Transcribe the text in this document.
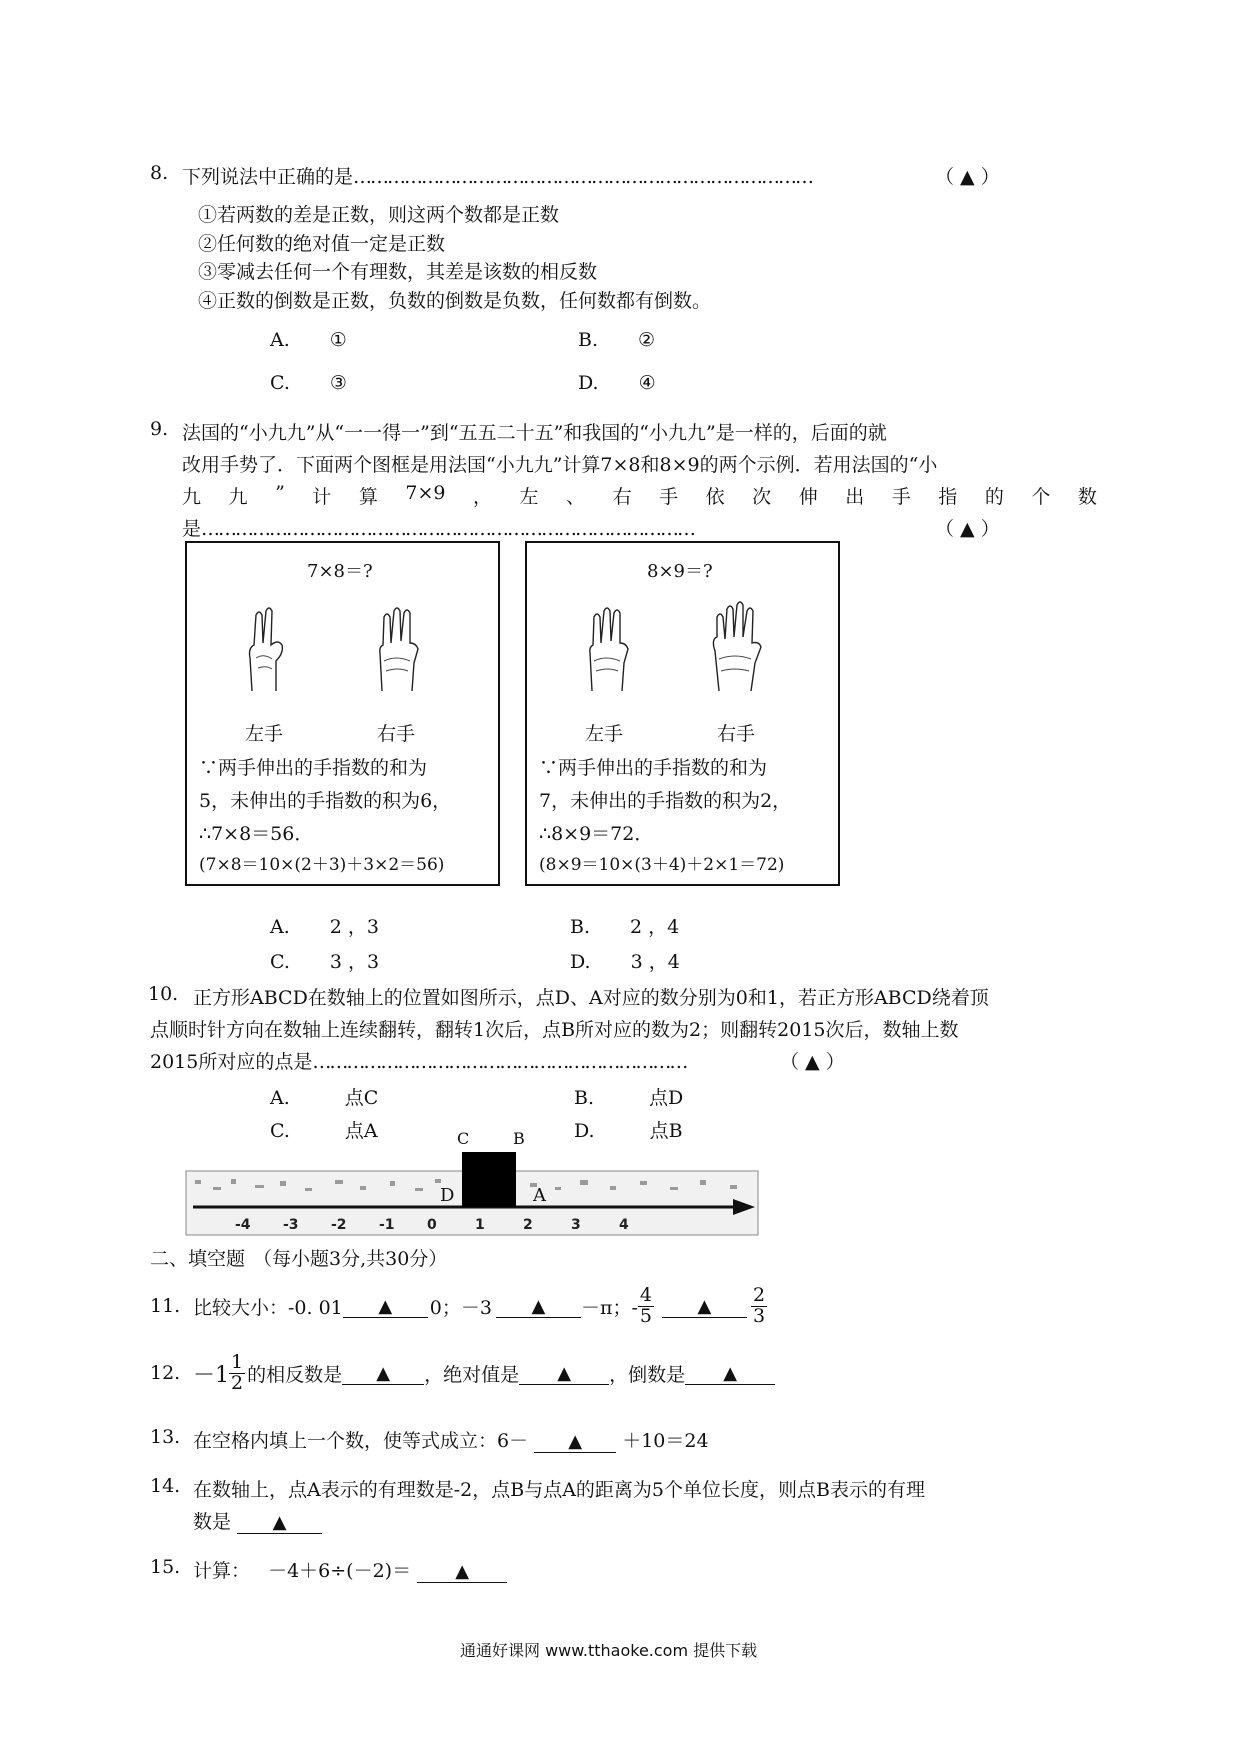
8. 下列说法中正确的是………………………………………………………………………	（ ▲ ）
①若两数的差是正数，则这两个数都是正数
②任何数的绝对值一定是正数
③零减去任何一个有理数，其差是该数的相反数
④正数的倒数是正数，负数的倒数是负数，任何数都有倒数。
A. ①	B. ②
C. ③	D. ④
9. 法国的“小九九”从“一一得一”到“五五二十五”和我国的“小九九”是一样的，后面的就
改用手势了．下面两个图框是用法国“小九九”计算7×8和8×9的两个示例．若用法国的“小
九 九 ” 计 算 7×9 ， 左 、 右 手 依 次 伸 出 手 指 的 个 数
是……………………………………………………………………………	（ ▲ ）
7×8＝?
左手	右手
∵两手伸出的手指数的和为
5，未伸出的手指数的积为6，
∴7×8＝56．
(7×8＝10×(2＋3)＋3×2＝56)
8×9＝?
左手	右手
∵两手伸出的手指数的和为
7，未伸出的手指数的积为2，
∴8×9＝72．
(8×9＝10×(3＋4)＋2×1＝72)
A. 2 ，3	B. 2 ，4
C. 3 ，3	D. 3 ，4
10. 正方形ABCD在数轴上的位置如图所示，点D、A对应的数分别为0和1，若正方形ABCD绕着顶
点顺时针方向在数轴上连续翻转，翻转1次后，点B所对应的数为2；则翻转2015次后，数轴上数
2015所对应的点是…………………………………………………………	（ ▲ ）
A.	点C	B.	点D
C.	点A	D.	点B
-4 -3 -2 -1 0	1	2	3	4
C	B
D	A
二、填空题 （每小题3分,共30分）
11. 比较大小：-0. 01	▲	0；－3	▲	－π；- $\frac{4}{5}$	▲	$\frac{2}{3}$
12. $-1 \frac{1}{2}$ 的相反数是	▲	，绝对值是	▲	，倒数是	▲
13. 在空格内填上一个数，使等式成立：6－ ▲ ＋10＝24
14. 在数轴上，点A表示的有理数是-2，点B与点A的距离为5个单位长度，则点B表示的有理
数是 ▲
15. 计算： －4＋6÷(－2)＝ ▲
通通好课网 www.tthaoke.com 提供下载
